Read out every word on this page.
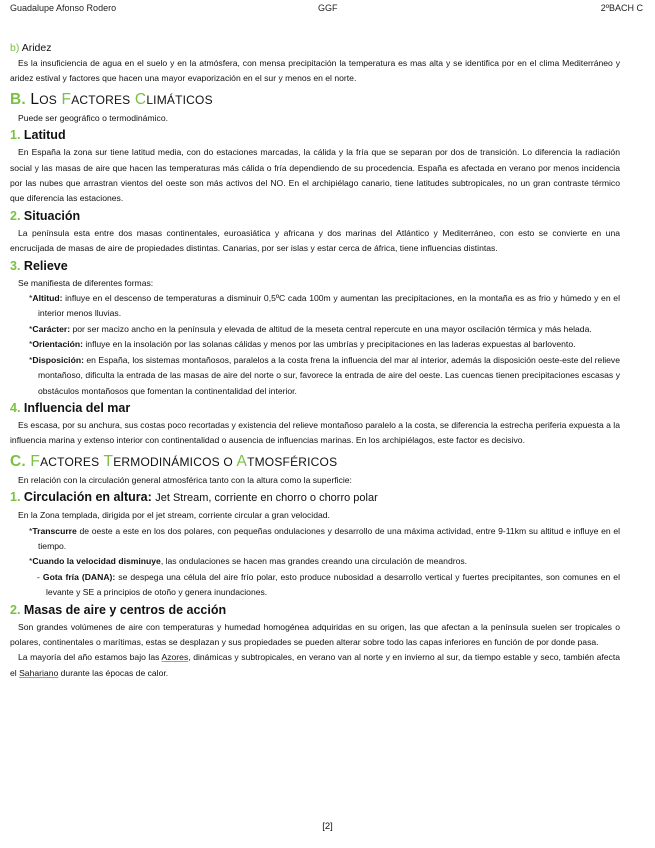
Guadalupe Afonso Rodero	GGF	2ºBACH C
b) Aridez

Es la insuficiencia de agua en el suelo y en la atmósfera, con mensa precipitación la temperatura es mas alta y se identifica por en el clima Mediterráneo y aridez estival y factores que hacen una mayor evaporización en el sur y menos en el norte.

B. LOS FACTORES CLIMÁTICOS

Puede ser geográfico o termodinámico.

1. Latitud

En España la zona sur tiene latitud media, con do estaciones marcadas, la cálida y la fría que se separan por dos de transición. Lo diferencia la radiación social y las masas de aire que hacen las temperaturas más cálida o fría dependiendo de su procedencia. España es afectada en verano por menos incidencia por las nubes que arrastran vientos del oeste son más activos del NO. En el archipiélago canario, tiene latitudes subtropicales, no un gran contraste térmico que diferencia las estaciones.

2. Situación

La península esta entre dos masas continentales, euroasiática y africana y dos marinas del Atlántico y Mediterráneo, con esto se convierte en una encrucijada de masas de aire de propiedades distintas. Canarias, por ser islas y estar cerca de áfrica, tiene influencias distintas.

3. Relieve

Se manifiesta de diferentes formas:

*Altitud: influye en el descenso de temperaturas a disminuir 0,5ºC cada 100m y aumentan las precipitaciones, en la montaña es as frio y húmedo y en el interior menos lluvias.

*Carácter: por ser macizo ancho en la península y elevada de altitud de la meseta central repercute en una mayor oscilación térmica y más helada.

*Orientación: influye en la insolación por las solanas cálidas y menos por las umbrías y precipitaciones en las laderas expuestas al barlovento.

*Disposición: en España, los sistemas montañosos, paralelos a la costa frena la influencia del mar al interior, además la disposición oeste-este del relieve montañoso, dificulta la entrada de las masas de aire del norte o sur, favorece la entrada de aire del oeste. Las cuencas tienen precipitaciones escasas y obstáculos montañosos que fomentan la continentalidad del interior.

4. Influencia del mar

Es escasa, por su anchura, sus costas poco recortadas y existencia del relieve montañoso paralelo a la costa, se diferencia la estrecha periferia expuesta a la influencia marina y extenso interior con continentalidad o ausencia de influencias marinas. En los archipiélagos, este factor es decisivo.

C. FACTORES TERMODINÁMICOS O ATMOSFÉRICOS

En relación con la circulación general atmosférica tanto con la altura como la superficie:

1. Circulación en altura: Jet Stream, corriente en chorro o chorro polar

En la Zona templada, dirigida por el jet stream, corriente circular a gran velocidad.

*Transcurre de oeste a este en los dos polares, con pequeñas ondulaciones y desarrollo de una máxima actividad, entre 9-11km su altitud e influye en el tiempo.

*Cuando la velocidad disminuye, las ondulaciones se hacen mas grandes creando una circulación de meandros.

- Gota fría (DANA): se despega una célula del aire frío polar, esto produce nubosidad a desarrollo vertical y fuertes precipitantes, son comunes en el levante y SE a principios de otoño y genera inundaciones.

2. Masas de aire y centros de acción

Son grandes volúmenes de aire con temperaturas y humedad homogénea adquiridas en su origen, las que afectan a la península suelen ser tropicales o polares, continentales o marítimas, estas se desplazan y sus propiedades se pueden alterar sobre todo las capas inferiores en función de por donde pasa.

La mayoría del año estamos bajo las Azores, dinámicas y subtropicales, en verano van al norte y en invierno al sur, da tiempo estable y seco, también afecta el Sahariano durante las épocas de calor.

[2]
